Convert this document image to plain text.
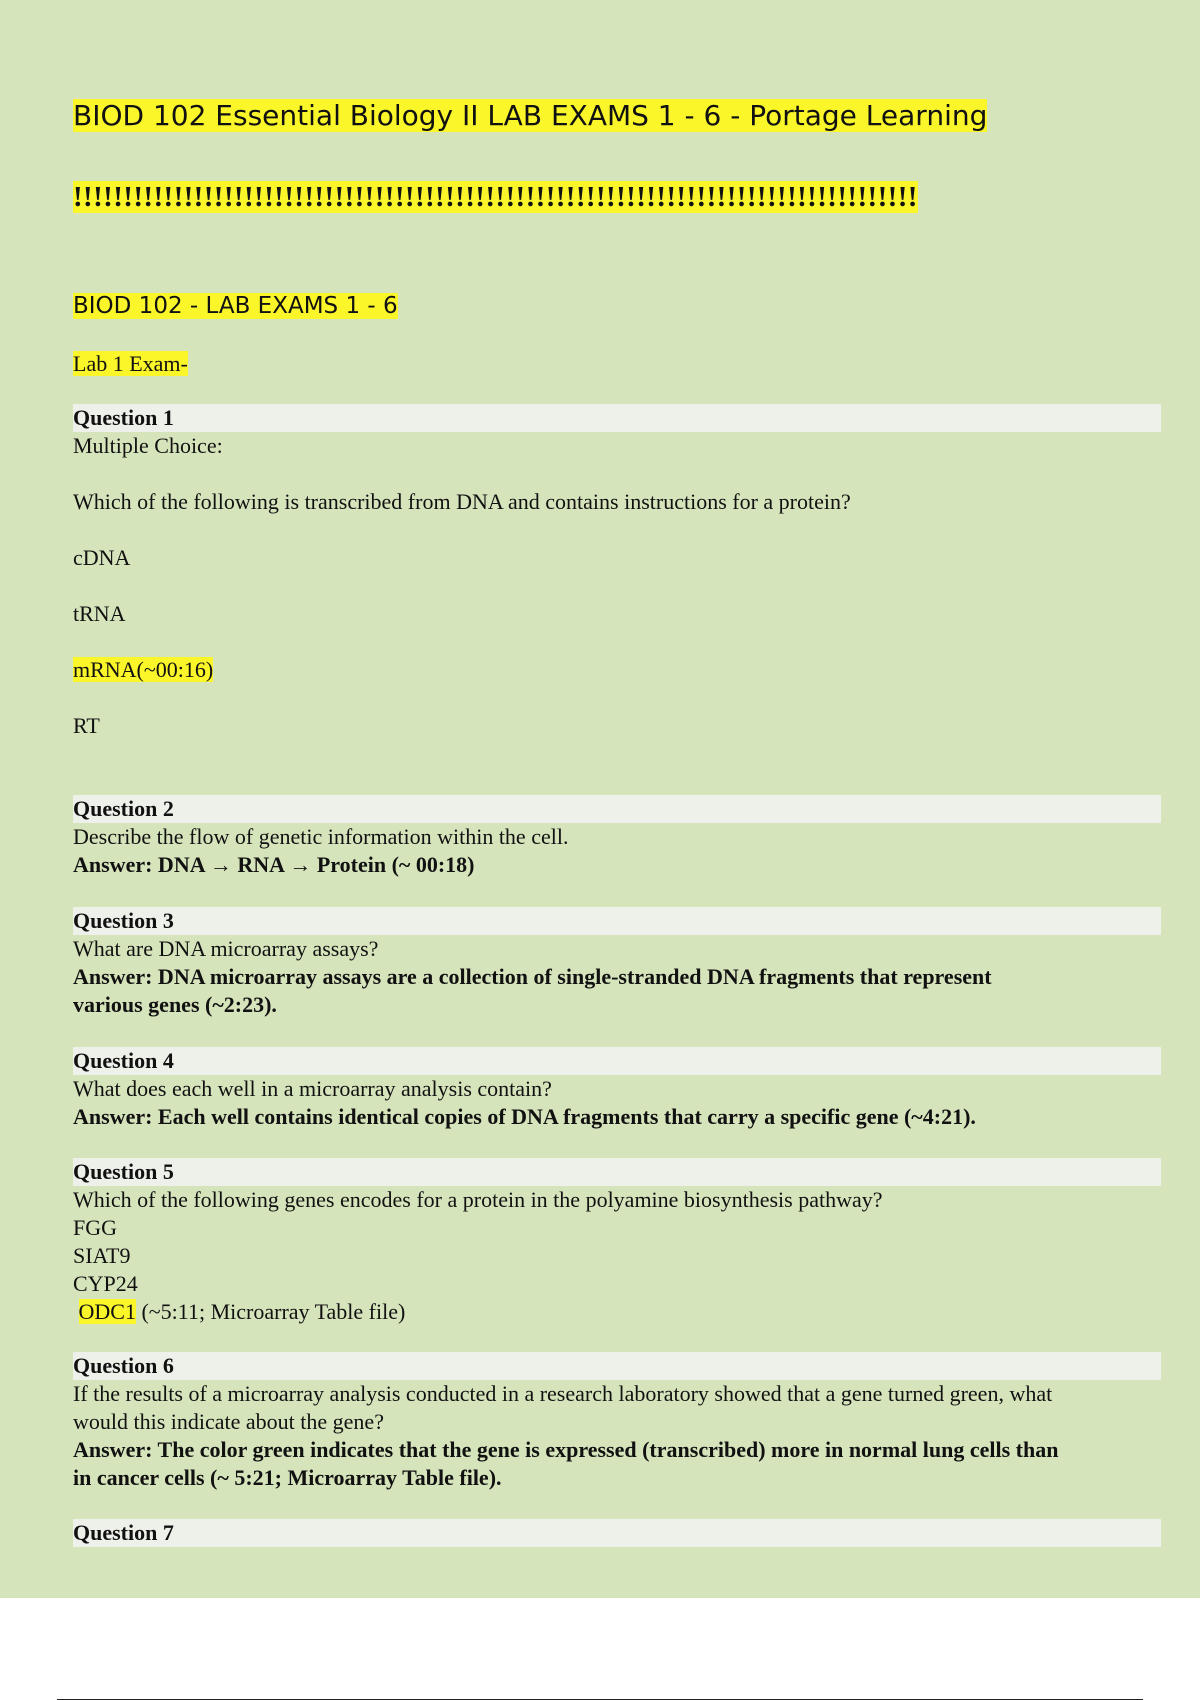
BIOD 102 Essential Biology II LAB EXAMS 1 - 6 - Portage Learning
!!!!!!!!!!!!!!!!!!!!!!!!!!!!!!!!!!!!!!!!!!!!!!!!!!!!!!!!!!!!!!!!!!!!!!!!!!!!!!!!!!!!
BIOD 102 - LAB EXAMS 1 - 6
Lab 1 Exam-
Question 1
Multiple Choice:
Which of the following is transcribed from DNA and contains instructions for a protein?
cDNA
tRNA
mRNA(~00:16)
RT
Question 2
Describe the flow of genetic information within the cell.
Answer: DNA → RNA → Protein (~ 00:18)
Question 3
What are DNA microarray assays?
Answer: DNA microarray assays are a collection of single-stranded DNA fragments that represent
various genes (~2:23).
Question 4
What does each well in a microarray analysis contain?
Answer: Each well contains identical copies of DNA fragments that carry a specific gene (~4:21).
Question 5
Which of the following genes encodes for a protein in the polyamine biosynthesis pathway?
FGG
SIAT9
CYP24
ODC1 (~5:11; Microarray Table file)
Question 6
If the results of a microarray analysis conducted in a research laboratory showed that a gene turned green, what
would this indicate about the gene?
Answer: The color green indicates that the gene is expressed (transcribed) more in normal lung cells than
in cancer cells (~ 5:21; Microarray Table file).
Question 7
